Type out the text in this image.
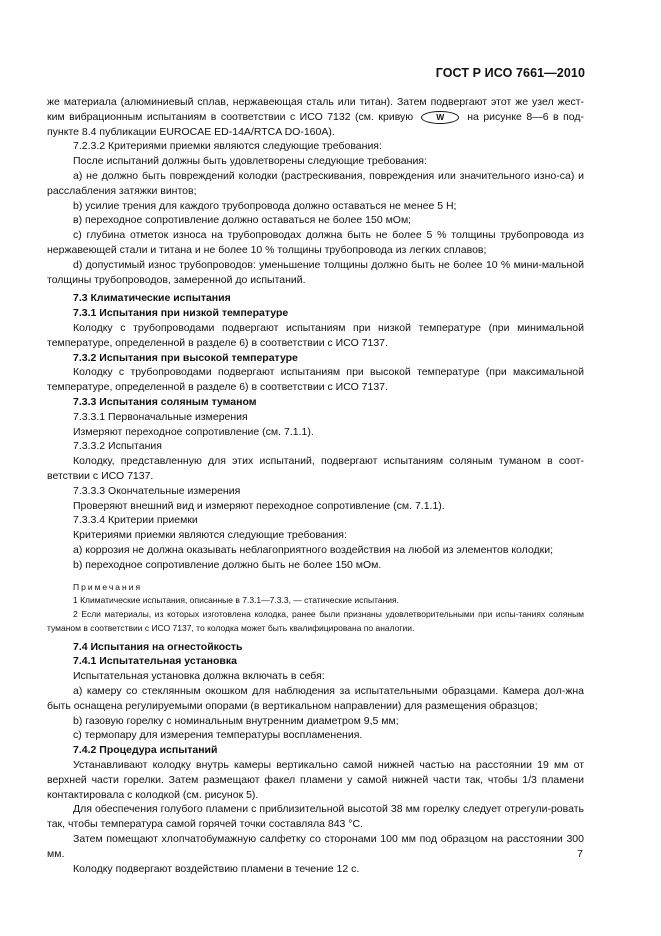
ГОСТ Р ИСО 7661—2010

же материала (алюминиевый сплав, нержавеющая сталь или титан). Затем подвергают этот же узел жест-ким вибрационным испытаниям в соответствии с ИСО 7132 (см. кривую	W на рисунке 8—6 в под-пункте 8.4 публикации EUROCAE ED-14A/RTCA DO-160A).

7.2.3.2 Критериями приемки являются следующие требования:

После испытаний должны быть удовлетворены следующие требования:

a) не должно быть повреждений колодки (растрескивания, повреждения или значительного изно-са) и расслабления затяжки винтов;

b) усилие трения для каждого трубопровода должно оставаться не менее 5 Н;

в) переходное сопротивление должно оставаться не более 150 мОм;

c) глубина отметок износа на трубопроводах должна быть не более 5 % толщины трубопровода из нержавеющей стали и титана и не более 10 % толщины трубопровода из легких сплавов;

d) допустимый износ трубопроводов: уменьшение толщины должно быть не более 10 % мини-мальной толщины трубопроводов, замеренной до испытаний.

7.3 Климатические испытания

7.3.1 Испытания при низкой температуре

Колодку с трубопроводами подвергают испытаниям при низкой температуре (при минимальной температуре, определенной в разделе 6) в соответствии с ИСО 7137.

7.3.2 Испытания при высокой температуре

Колодку с трубопроводами подвергают испытаниям при высокой температуре (при максимальной температуре, определенной в разделе 6) в соответствии с ИСО 7137.

7.3.3 Испытания соляным туманом

7.3.3.1 Первоначальные измерения

Измеряют переходное сопротивление (см. 7.1.1).

7.3.3.2 Испытания

Колодку, представленную для этих испытаний, подвергают испытаниям соляным туманом в соот-ветствии с ИСО 7137.

7.3.3.3 Окончательные измерения

Проверяют внешний вид и измеряют переходное сопротивление (см. 7.1.1).

7.3.3.4 Критерии приемки

Критериями приемки являются следующие требования:

a) коррозия не должна оказывать неблагоприятного воздействия на любой из элементов колодки;

b) переходное сопротивление должно быть не более 150 мОм.

Примечания

1 Климатические испытания, описанные в 7.3.1—7.3.3, — статические испытания.

2 Если материалы, из которых изготовлена колодка, ранее были признаны удовлетворительными при испы-таниях соляным туманом в соответствии с ИСО 7137, то колодка может быть квалифицирована по аналогии.

7.4 Испытания на огнестойкость

7.4.1 Испытательная установка

Испытательная установка должна включать в себя:

a) камеру со стеклянным окошком для наблюдения за испытательными образцами. Камера дол-жна быть оснащена регулируемыми опорами (в вертикальном направлении) для размещения образцов;

b) газовую горелку с номинальным внутренним диаметром 9,5 мм;

c) термопару для измерения температуры воспламенения.

7.4.2 Процедура испытаний

Устанавливают колодку внутрь камеры вертикально самой нижней частью на расстоянии 19 мм от верхней части горелки. Затем размещают факел пламени у самой нижней части так, чтобы 1/3 пламени контактировала с колодкой (см. рисунок 5).

Для обеспечения голубого пламени с приблизительной высотой 38 мм горелку следует отрегули-ровать так, чтобы температура самой горячей точки составляла 843 °С.

Затем помещают хлопчатобумажную салфетку со сторонами 100 мм под образцом на расстоянии 300 мм.

Колодку подвергают воздействию пламени в течение 12 с.

7
